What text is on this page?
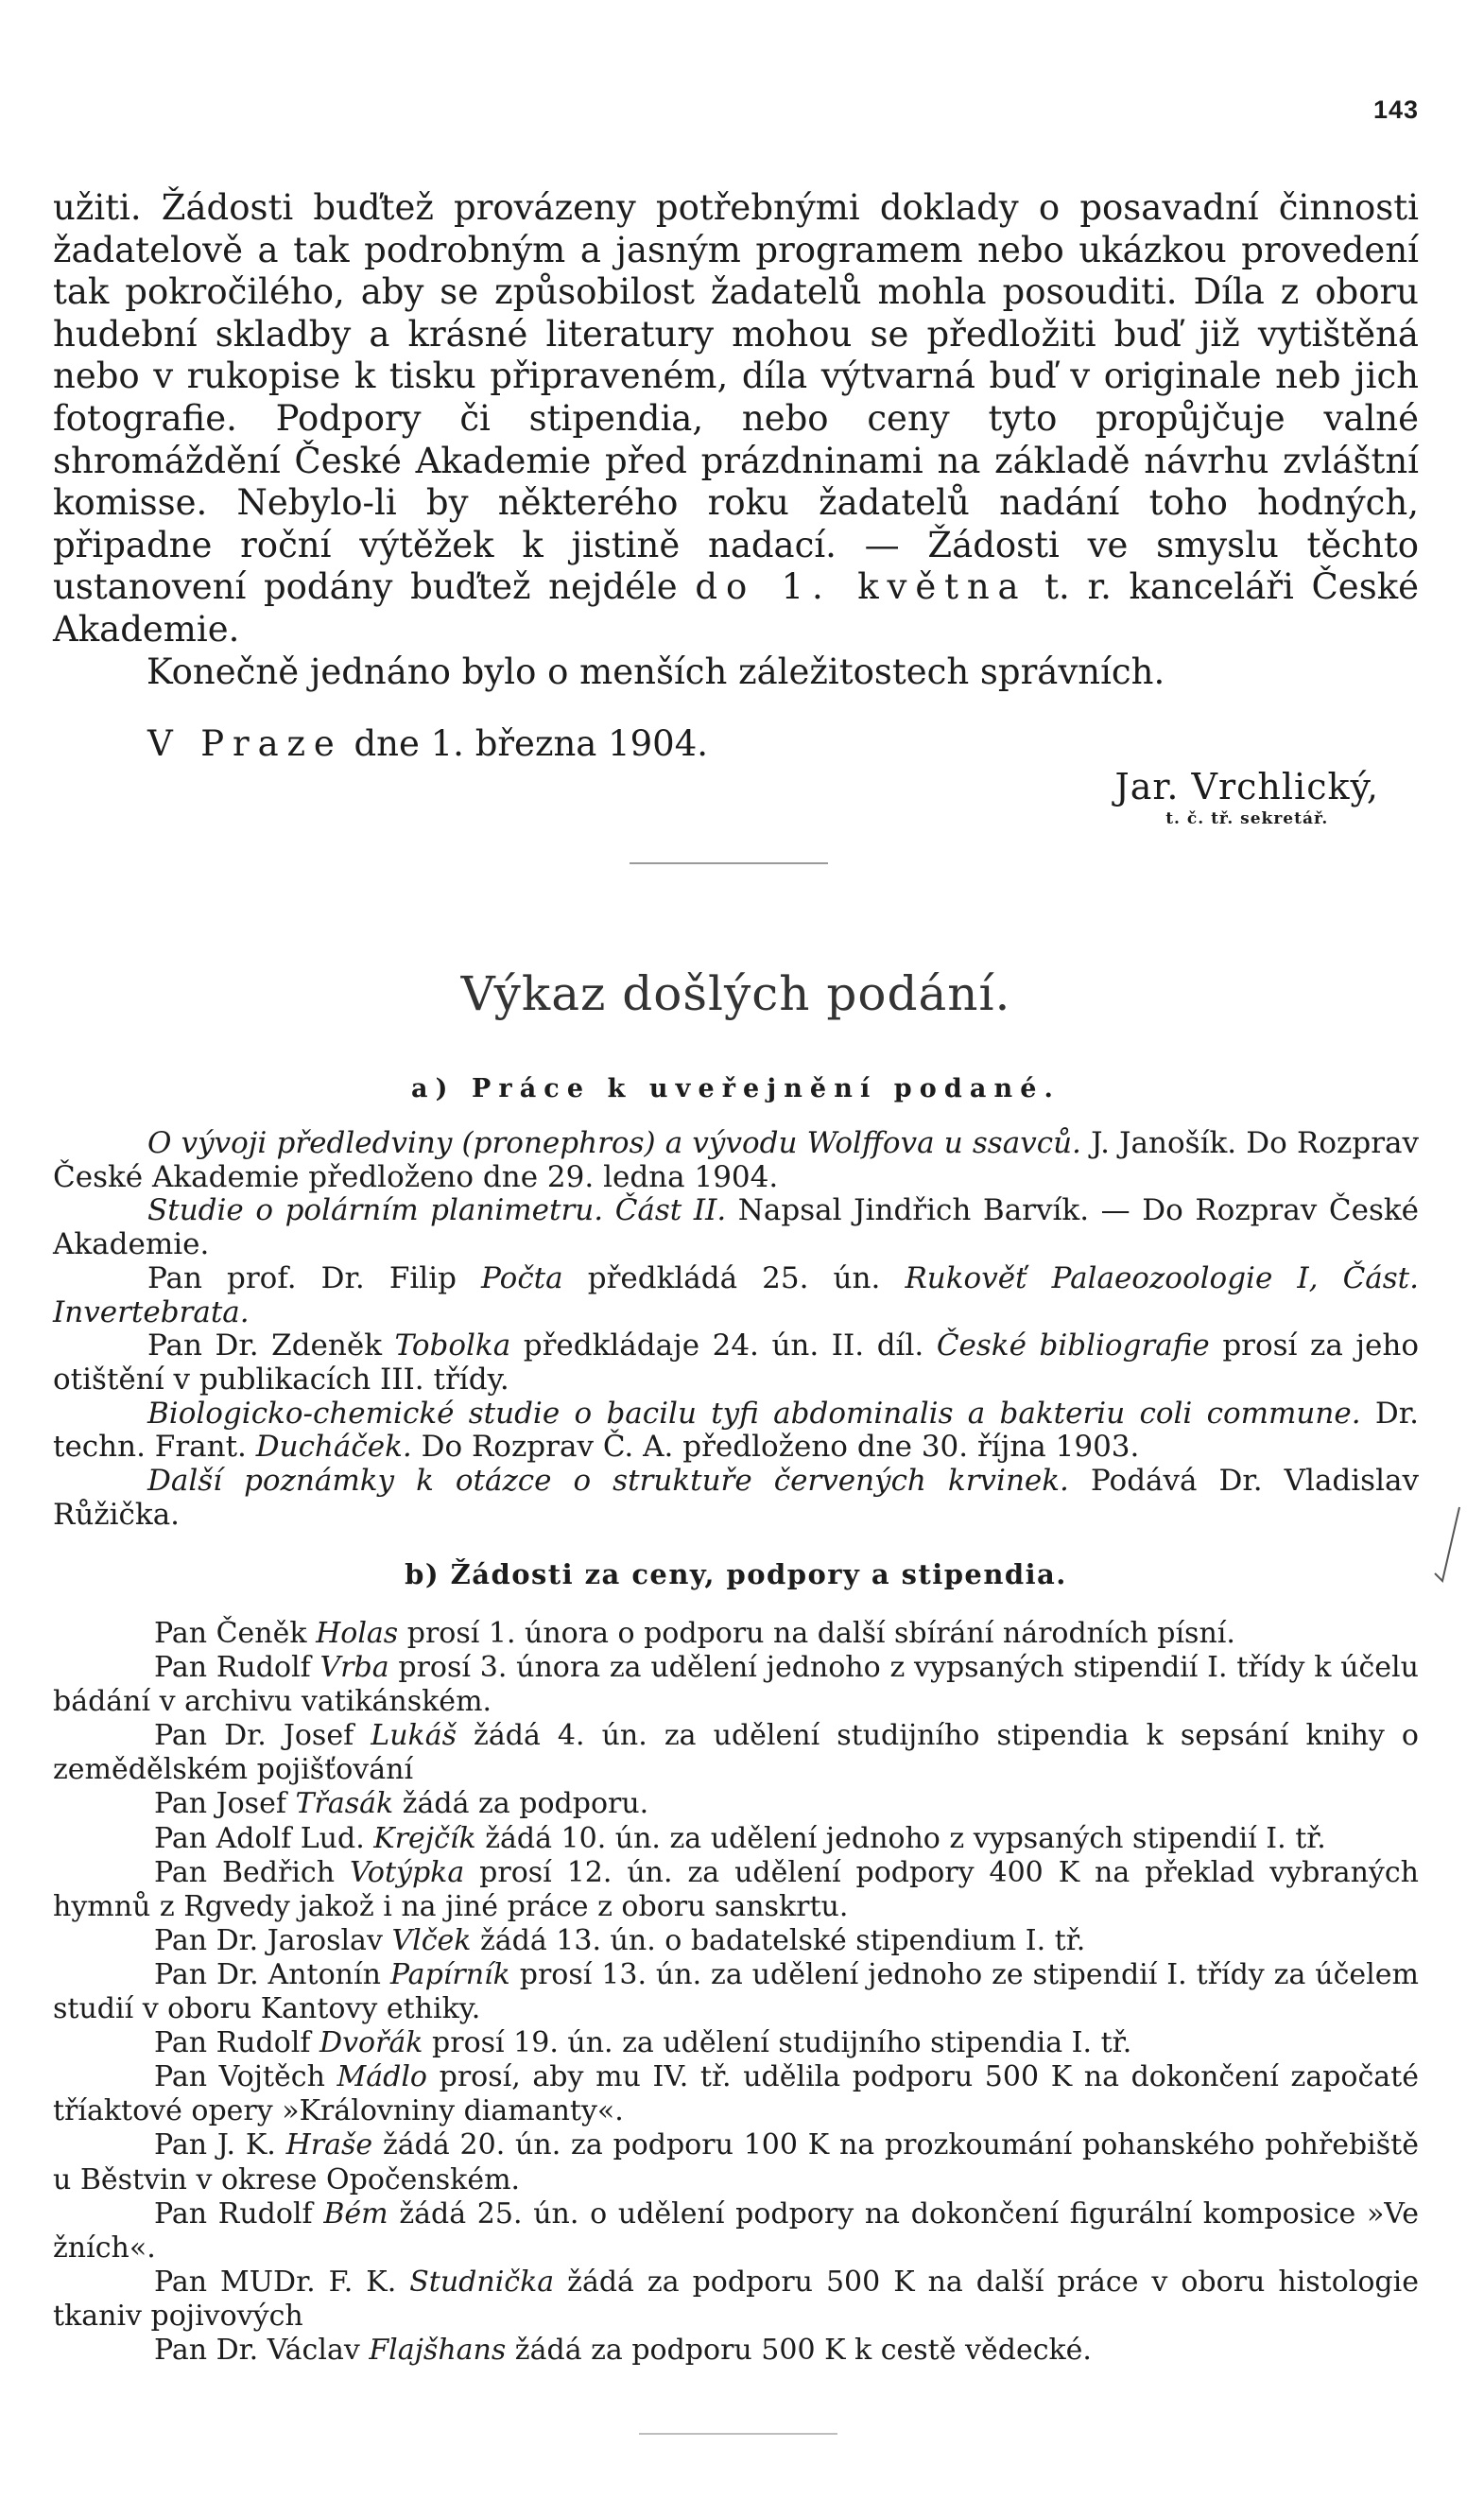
143

užiti. Žádosti buďtež provázeny potřebnými doklady o posavadní činnosti žadatelově a tak podrobným a jasným programem nebo ukázkou provedení tak pokročilého, aby se způsobilost žadatelů mohla posouditi. Díla z oboru hudební skladby a krásné literatury mohou se předložiti buď již vytištěná nebo v rukopise k tisku připraveném, díla výtvarná buď v originale neb jich fotografie. Podpory či stipendia, nebo ceny tyto propůjčuje valné shromáždění České Akademie před prázdninami na základě návrhu zvláštní komisse. Nebylo-li by některého roku žadatelů nadání toho hodných, připadne roční výtěžek k jistině nadací. — Žádosti ve smyslu těchto ustanovení podány buďtež nejdéle do 1. května t. r. kanceláři České Akademie.

Konečně jednáno bylo o menších záležitostech správních.

V Praze dne 1. března 1904.
Jar. Vrchlický,
t. č. tř. sekretář.
Výkaz došlých podání.
a) Práce k uveřejnění podané.

O vývoji předledviny (pronephros) a vývodu Wolffova u ssavců. J. Janošík. Do Rozprav České Akademie předloženo dne 29. ledna 1904.

Studie o polárním planimetru. Část II. Napsal Jindřich Barvík. — Do Rozprav České Akademie.

Pan prof. Dr. Filip Počta předkládá 25. ún. Rukověť Palaeozoologie I, Část. Invertebrata.

Pan Dr. Zdeněk Tobolka předkládaje 24. ún. II. díl. České bibliografie prosí za jeho otištění v publikacích III. třídy.

Biologicko-chemické studie o bacilu tyfi abdominalis a bakteriu coli commune. Dr. techn. Frant. Ducháček. Do Rozprav Č. A. předloženo dne 30. října 1903.

Další poznámky k otázce o struktuře červených krvinek. Podává Dr. Vladislav Růžička.

b) Žádosti za ceny, podpory a stipendia.

Pan Čeněk Holas prosí 1. února o podporu na další sbírání národních písní.

Pan Rudolf Vrba prosí 3. února za udělení jednoho z vypsaných stipendií I. třídy k účelu bádání v archivu vatikánském.

Pan Dr. Josef Lukáš žádá 4. ún. za udělení studijního stipendia k sepsání knihy o zemědělském pojišťování

Pan Josef Třasák žádá za podporu.

Pan Adolf Lud. Krejčík žádá 10. ún. za udělení jednoho z vypsaných stipendií I. tř.

Pan Bedřich Votýpka prosí 12. ún. za udělení podpory 400 K na překlad vybraných hymnů z Rgvedy jakož i na jiné práce z oboru sanskrtu.

Pan Dr. Jaroslav Vlček žádá 13. ún. o badatelské stipendium I. tř.

Pan Dr. Antonín Papírník prosí 13. ún. za udělení jednoho ze stipendií I. třídy za účelem studií v oboru Kantovy ethiky.

Pan Rudolf Dvořák prosí 19. ún. za udělení studijního stipendia I. tř.

Pan Vojtěch Mádlo prosí, aby mu IV. tř. udělila podporu 500 K na dokončení započaté tříaktové opery »Královniny diamanty«.

Pan J. K. Hraše žádá 20. ún. za podporu 100 K na prozkoumání pohanského pohřebiště u Běstvin v okrese Opočenském.

Pan Rudolf Bém žádá 25. ún. o udělení podpory na dokončení figurální komposice »Ve žních«.

Pan MUDr. F. K. Studnička žádá za podporu 500 K na další práce v oboru histologie tkaniv pojivových

Pan Dr. Václav Flajšhans žádá za podporu 500 K k cestě vědecké.
